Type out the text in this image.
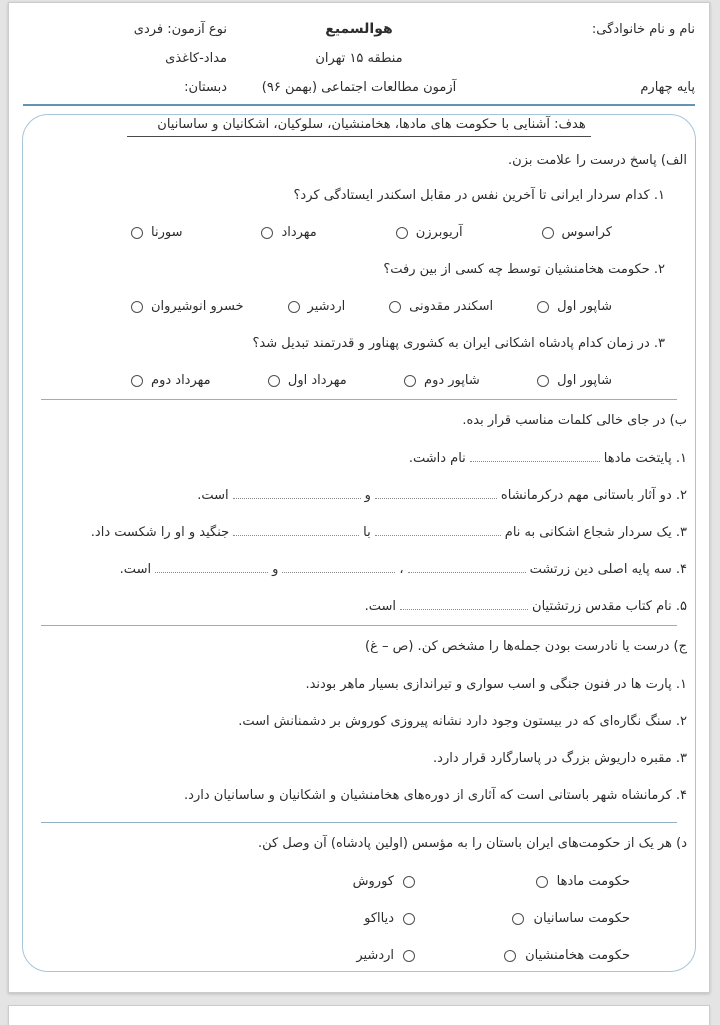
نام و نام خانوادگی:
پایه چهارم
هوالسمیع
منطقه ۱۵ تهران
آزمون مطالعات اجتماعی (بهمن ۹۶)
نوع آزمون: فردی
مداد-کاغذی
دبستان:
هدف: آشنایی با حکومت های مادها، هخامنشیان، سلوکیان، اشکانیان و ساسانیان
الف) پاسخ درست را علامت بزن.
۱. کدام سردار ایرانی تا آخرین نفس در مقابل اسکندر ایستادگی کرد؟
کراسوس
آریوبرزن
مهرداد
سورنا
۲. حکومت هخامنشیان توسط چه کسی از بین رفت؟
شاپور اول
اسکندر مقدونی
اردشیر
خسرو انوشیروان
۳. در زمان کدام پادشاه اشکانی ایران به کشوری پهناور و قدرتمند تبدیل شد؟
شاپور اول
شاپور دوم
مهرداد اول
مهرداد دوم
ب) در جای خالی کلمات مناسب قرار بده.
۱. پایتخت مادهانام داشت.
۲. دو آثار باستانی مهم درکرمانشاهواست.
۳. یک سردار شجاع اشکانی به نامباجنگید و او را شکست داد.
۴. سه پایه اصلی دین زرتشت،واست.
۵. نام کتاب مقدس زرتشتیاناست.
ج) درست یا نادرست بودن جمله‌ها را مشخص کن. (ص – غ)
۱. پارت ها در فنون جنگی و اسب سواری و تیراندازی بسیار ماهر بودند.
۲. سنگ نگاره‌ای که در بیستون وجود دارد نشانه پیروزی کوروش بر دشمنانش است.
۳. مقبره داریوش بزرگ در پاسارگارد قرار دارد.
۴. کرمانشاه شهر باستانی است که آثاری از دوره‌های هخامنشیان و اشکانیان و ساسانیان دارد.
د) هر یک از حکومت‌های ایران باستان را به مؤسس (اولین پادشاه) آن وصل کن.
حکومت مادها
حکومت ساسانیان
حکومت هخامنشیان
کوروش
دیااکو
اردشیر
